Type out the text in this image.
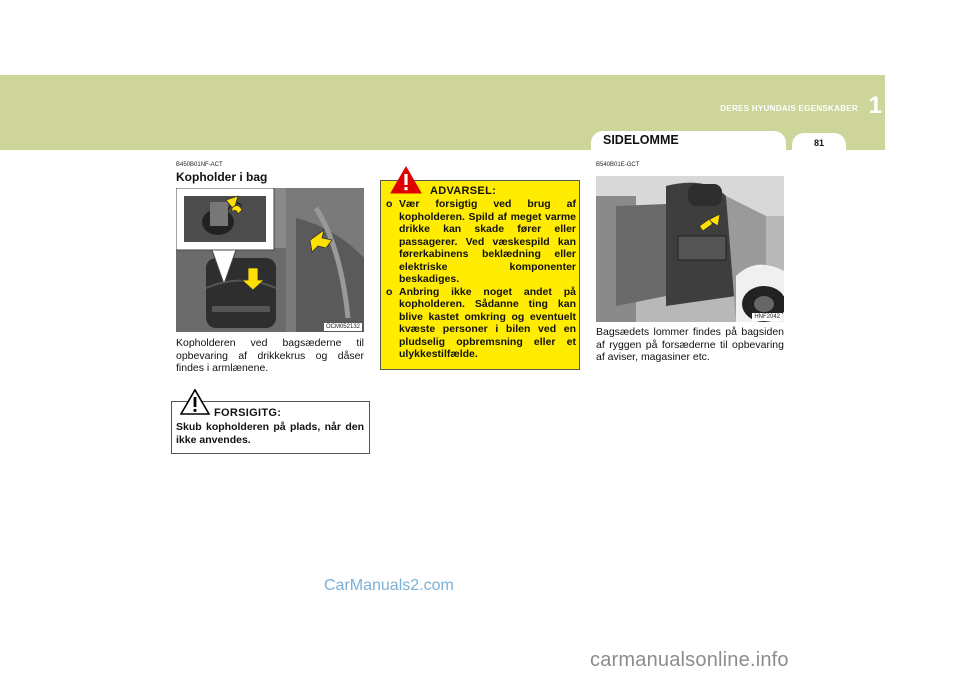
DERES HYUNDAIS EGENSKABER 1
SIDELOMME	81
B450B01NF-ACT
Kopholder i bag
OCM052132
Kopholderen ved bagsæderne til opbevaring af drikkekrus og dåser findes i armlænene.
FORSIGITG:
Skub kopholderen på plads, når den ikke anvendes.
ADVARSEL:
o Vær forsigtig ved brug af kopholderen. Spild af meget varme drikke kan skade fører eller passagerer. Ved væskespild kan førerkabinens beklædning eller elektriske komponenter beskadiges.
o Anbring ikke noget andet på kopholderen. Sådanne ting kan blive kastet omkring og eventuelt kvæste personer i bilen ved en pludselig opbremsning eller et ulykkestilfælde.
B540B01E-GCT
HNF2042
Bagsædets lommer findes på bagsiden af ryggen på forsæderne til opbevaring af aviser, magasiner etc.
CarManuals2.com
carmanualsonline.info
